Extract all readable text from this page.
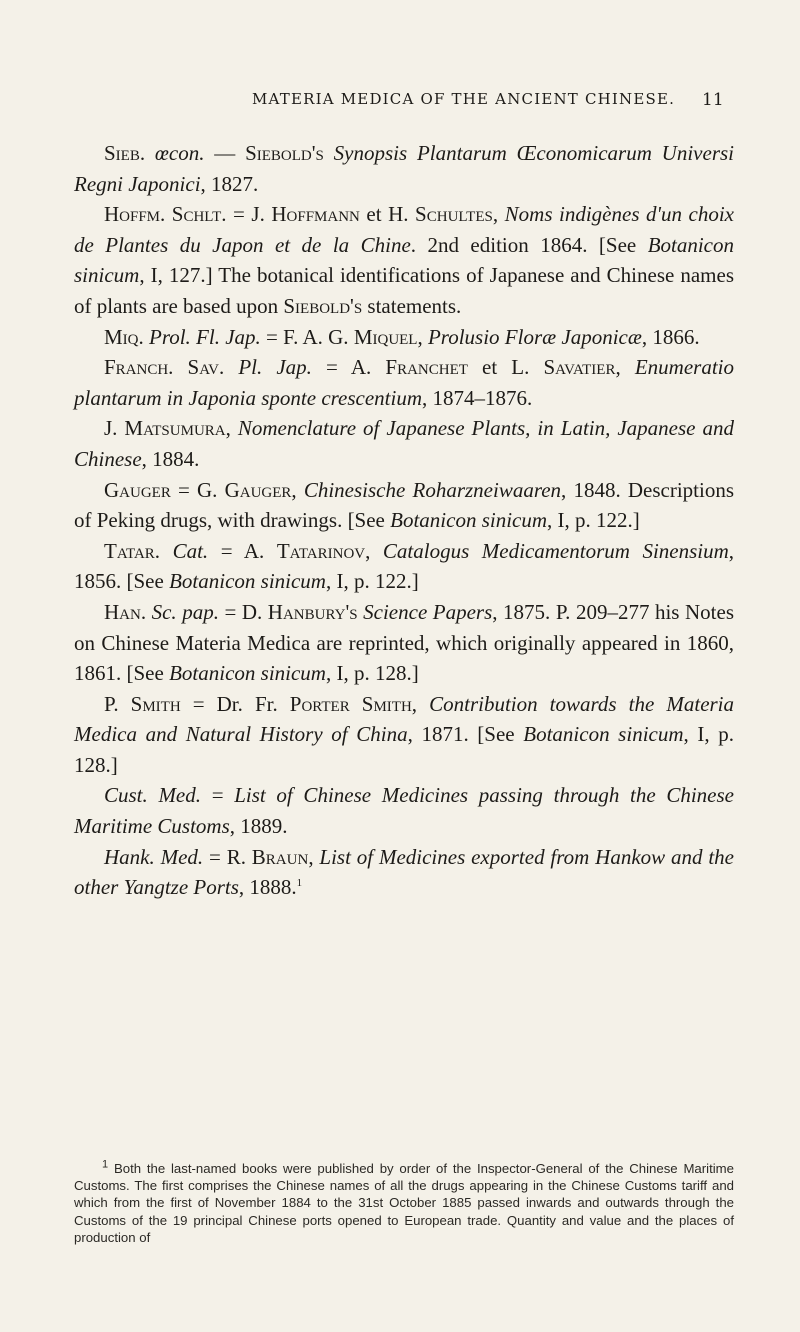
MATERIA MEDICA OF THE ANCIENT CHINESE. 11

Sieb. œcon. — Siebold's Synopsis Plantarum Œconomicarum Universi Regni Japonici, 1827.

Hoffm. Schlt. = J. Hoffmann et H. Schultes, Noms indigènes d'un choix de Plantes du Japon et de la Chine. 2nd edition 1864. [See Botanicon sinicum, I, 127.] The botanical identifications of Japanese and Chinese names of plants are based upon Siebold's statements.

Miq. Prol. Fl. Jap. = F. A. G. Miquel, Prolusio Floræ Japonicæ, 1866.

Franch. Sav. Pl. Jap. = A. Franchet et L. Savatier, Enumeratio plantarum in Japonia sponte crescentium, 1874–1876.

J. Matsumura, Nomenclature of Japanese Plants, in Latin, Japanese and Chinese, 1884.

Gauger = G. Gauger, Chinesische Roharzneiwaaren, 1848. Descriptions of Peking drugs, with drawings. [See Botanicon sinicum, I, p. 122.]

Tatar. Cat. = A. Tatarinov, Catalogus Medicamentorum Sinensium, 1856. [See Botanicon sinicum, I, p. 122.]

Han. Sc. pap. = D. Hanbury's Science Papers, 1875. P. 209–277 his Notes on Chinese Materia Medica are reprinted, which originally appeared in 1860, 1861. [See Botanicon sinicum, I, p. 128.]

P. Smith = Dr. Fr. Porter Smith, Contribution towards the Materia Medica and Natural History of China, 1871. [See Botanicon sinicum, I, p. 128.]

Cust. Med. = List of Chinese Medicines passing through the Chinese Maritime Customs, 1889.

Hank. Med. = R. Braun, List of Medicines exported from Hankow and the other Yangtze Ports, 1888.$^1$

$^1$ Both the last-named books were published by order of the Inspector-General of the Chinese Maritime Customs. The first comprises the Chinese names of all the drugs appearing in the Chinese Customs tariff and which from the first of November 1884 to the 31st October 1885 passed inwards and outwards through the Customs of the 19 principal Chinese ports opened to European trade. Quantity and value and the places of production of
